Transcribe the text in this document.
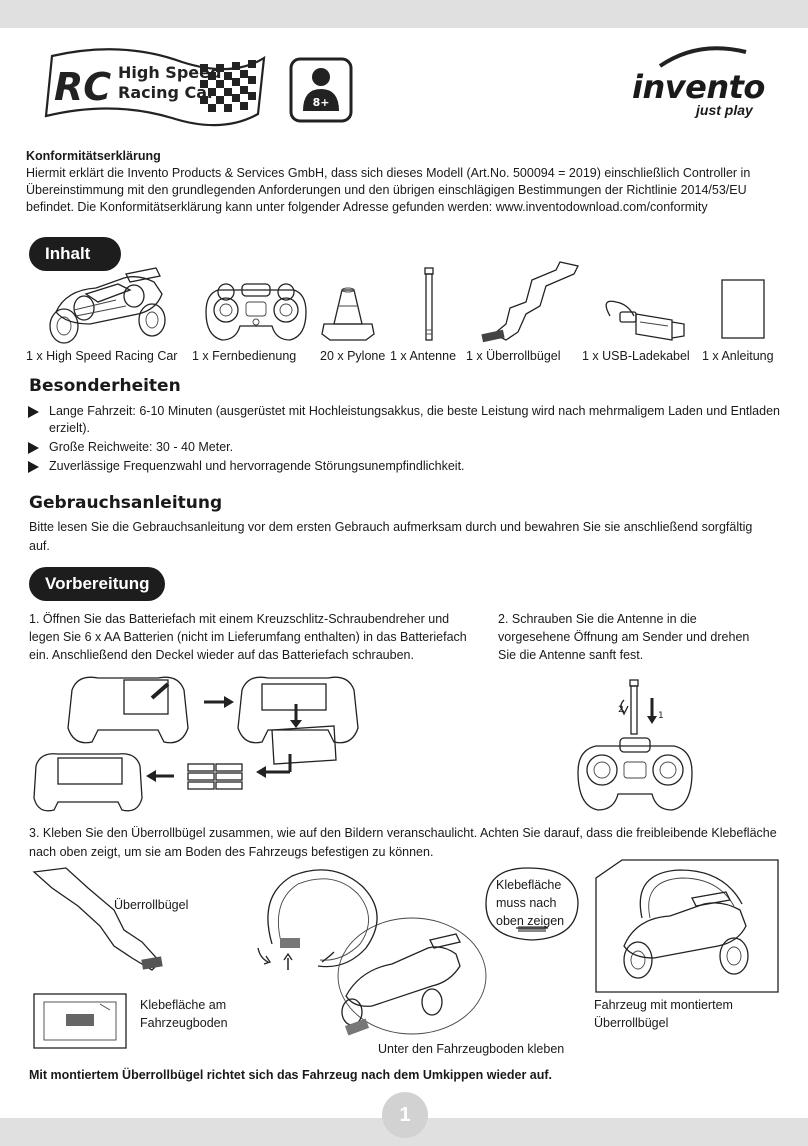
RC High Speed
Racing Car
8+	invento
just play
Konformitätserklärung
Hiermit erklärt die Invento Products & Services GmbH, dass sich dieses Modell (Art.No. 500094 = 2019) einschließlich Controller in Übereinstimmung mit den grundlegenden Anforderungen und den übrigen einschlägigen Bestimmungen der Richtlinie 2014/53/EU befindet. Die Konformitätserklärung kann unter folgender Adresse gefunden werden: www.inventodownload.com/conformity
Inhalt
1 x High Speed Racing Car 1 x Fernbedienung 20 x Pylone 1 x Antenne 1 x Überrollbügel 1 x USB-Ladekabel 1 x Anleitung
Besonderheiten
Lange Fahrzeit: 6-10 Minuten (ausgerüstet mit Hochleistungsakkus, die beste Leistung wird nach mehrmaligem Laden und Entladen erzielt).
Große Reichweite: 30 - 40 Meter.
Zuverlässige Frequenzwahl und hervorragende Störungsunempfindlichkeit.
Gebrauchsanleitung
Bitte lesen Sie die Gebrauchsanleitung vor dem ersten Gebrauch aufmerksam durch und bewahren Sie sie anschließend sorgfältig auf.
Vorbereitung
1. Öffnen Sie das Batteriefach mit einem Kreuzschlitz-Schraubendreher und legen Sie 6 x AA Batterien (nicht im Lieferumfang enthalten) in das Batteriefach ein. Anschließend den Deckel wieder auf das Batteriefach schrauben.
2. Schrauben Sie die Antenne in die vorgesehene Öffnung am Sender und drehen Sie die Antenne sanft fest.
1
2
3. Kleben Sie den Überrollbügel zusammen, wie auf den Bildern veranschaulicht. Achten Sie darauf, dass die freibleibende Klebefläche nach oben zeigt, um sie am Boden des Fahrzeugs befestigen zu können.
Überrollbügel
Klebefläche am Fahrzeugboden
Unter den Fahrzeugboden kleben
Klebefläche muss nach oben zeigen
Fahrzeug mit montiertem Überrollbügel
Mit montiertem Überrollbügel richtet sich das Fahrzeug nach dem Umkippen wieder auf.
1
